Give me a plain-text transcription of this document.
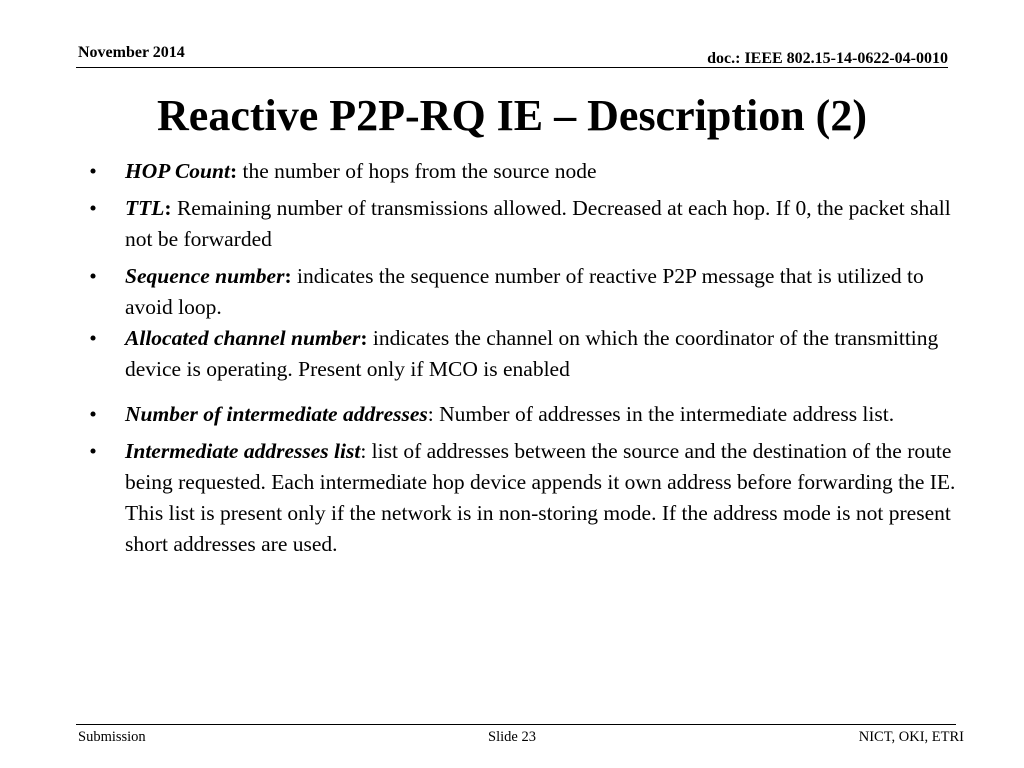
November 2014	doc.: IEEE 802.15-14-0622-04-0010
Reactive P2P-RQ IE – Description (2)
• HOP Count: the number of hops from the source node
• TTL: Remaining number of transmissions allowed. Decreased at each hop. If 0, the packet shall not be forwarded
• Sequence number: indicates the sequence number of reactive P2P message that is utilized to avoid loop.
• Allocated channel number: indicates the channel on which the coordinator of the transmitting device is operating. Present only if MCO is enabled
• Number of intermediate addresses: Number of addresses in the intermediate address list.
• Intermediate addresses list: list of addresses between the source and the destination of the route being requested. Each intermediate hop device appends it own address before forwarding the IE. This list is present only if the network is in non-storing mode. If the address mode is not present short addresses are used.
Submission	Slide 23	NICT, OKI, ETRI
